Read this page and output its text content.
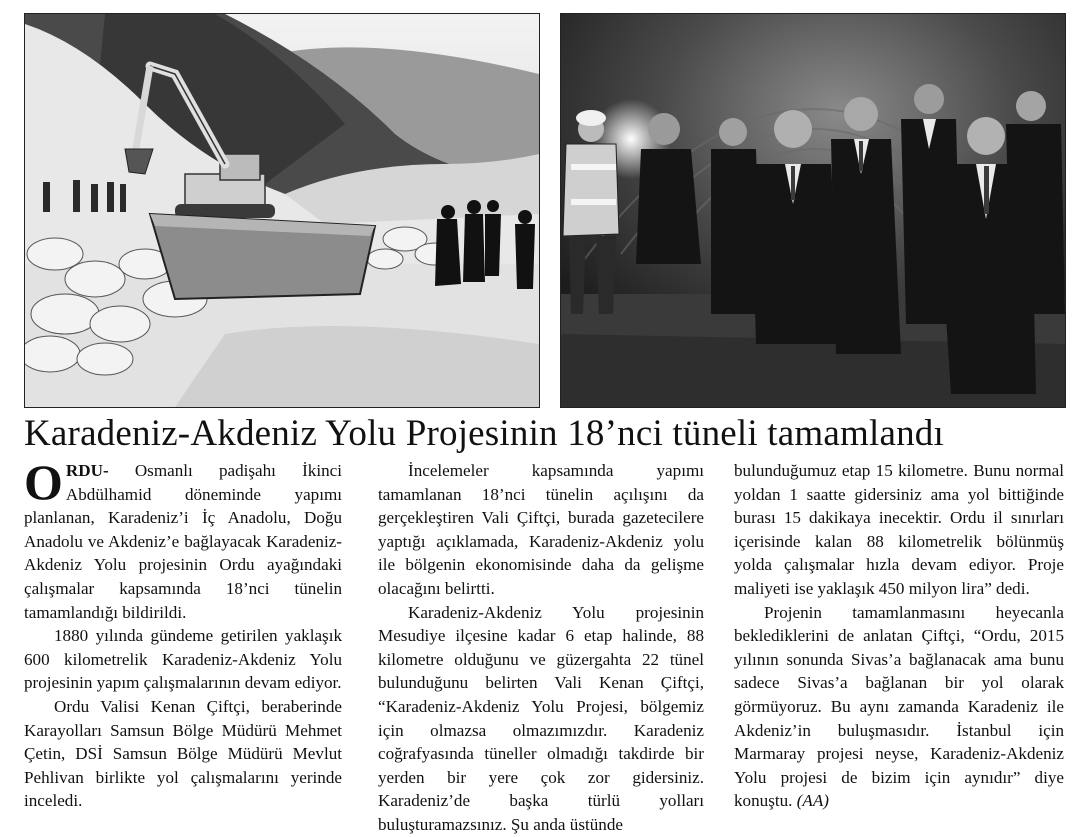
Karadeniz-Akdeniz Yolu Projesinin 18’nci tüneli tamamlandı

ORDU- Osmanlı padişahı İkinci Abdülhamid döneminde yapımı planlanan, Karadeniz’i İç Anadolu, Doğu Anadolu ve Akdeniz’e bağlayacak Karadeniz-Akdeniz Yolu projesinin Ordu ayağındaki çalışmalar kapsamında 18’nci tünelin tamamlandığı bildirildi.

1880 yılında gündeme getirilen yaklaşık 600 kilometrelik Karadeniz-Akdeniz Yolu projesinin yapım çalışmalarının devam ediyor.

Ordu Valisi Kenan Çiftçi, beraberinde Karayolları Samsun Bölge Müdürü Mehmet Çetin, DSİ Samsun Bölge Müdürü Mevlut Pehlivan birlikte yol çalışmalarını yerinde inceledi.

İncelemeler kapsamında yapımı tamamlanan 18’nci tünelin açılışını da gerçekleştiren Vali Çiftçi, burada gazetecilere yaptığı açıklamada, Karadeniz-Akdeniz yolu ile bölgenin ekonomisinde daha da gelişme olacağını belirtti.

Karadeniz-Akdeniz Yolu projesinin Mesudiye ilçesine kadar 6 etap halinde, 88 kilometre olduğunu ve güzergahta 22 tünel bulunduğunu belirten Vali Kenan Çiftçi, “Karadeniz-Akdeniz Yolu Projesi, bölgemiz için olmazsa olmazımızdır. Karadeniz coğrafyasında tüneller olmadığı takdirde bir yerden bir yere çok zor gidersiniz. Karadeniz’de başka türlü yolları buluşturamazsınız. Şu anda üstünde

bulunduğumuz etap 15 kilometre. Bunu normal yoldan 1 saatte gidersiniz ama yol bittiğinde burası 15 dakikaya inecektir. Ordu il sınırları içerisinde kalan 88 kilometrelik bölünmüş yolda çalışmalar hızla devam ediyor. Proje maliyeti ise yaklaşık 450 milyon lira” dedi.

Projenin tamamlanmasını heyecanla beklediklerini de anlatan Çiftçi, “Ordu, 2015 yılının sonunda Sivas’a bağlanacak ama bunu sadece Sivas’a bağlanan bir yol olarak görmüyoruz. Bu aynı zamanda Karadeniz ile Akdeniz’in buluşmasıdır. İstanbul için Marmaray projesi neyse, Karadeniz-Akdeniz Yolu projesi de bizim için aynıdır” diye konuştu. (AA)
